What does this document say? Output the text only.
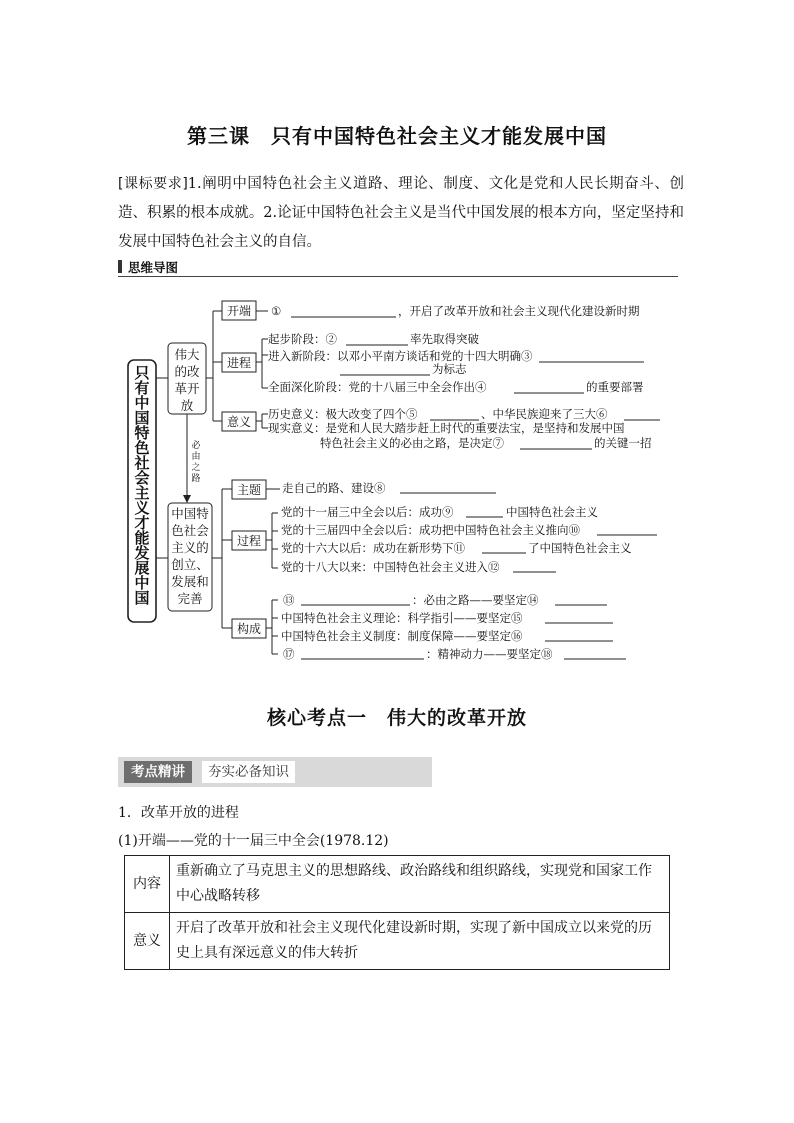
第三课　只有中国特色社会主义才能发展中国
[课标要求]1.阐明中国特色社会主义道路、理论、制度、文化是党和人民长期奋斗、创造、积累的根本成就。2.论证中国特色社会主义是当代中国发展的根本方向，坚定坚持和发展中国特色社会主义的自信。
思维导图
只
有
中
国
特
色
社
会
主
义
才
能
发
展
中
国
伟大
的改
革开
放
中国特
色社会
主义的
创立、
发展和
完善
必
由
之
路
开端
进程
意义
主题
过程
构成
①	，开启了改革开放和社会主义现代化建设新时期
起步阶段：②	率先取得突破
进入新阶段：以邓小平南方谈话和党的十四大明确③
为标志
全面深化阶段：党的十八届三中全会作出④	的重要部署
历史意义：极大改变了四个⑤	、中华民族迎来了三大⑥
现实意义：是党和人民大踏步赶上时代的重要法宝，是坚持和发展中国
特色社会主义的必由之路，是决定⑦	的关键一招
走自己的路、建设⑧
党的十一届三中全会以后：成功⑨	中国特色社会主义
党的十三届四中全会以后：成功把中国特色社会主义推向⑩
党的十六大以后：成功在新形势下⑪	了中国特色社会主义
党的十八大以来：中国特色社会主义进入⑫
⑬	：必由之路——要坚定⑭
中国特色社会主义理论：科学指引——要坚定⑮
中国特色社会主义制度：制度保障——要坚定⑯
⑰	：精神动力——要坚定⑱
核心考点一　伟大的改革开放
考点精讲	夯实必备知识
1．改革开放的进程
(1)开端——党的十一届三中全会(1978.12)
内容	重新确立了马克思主义的思想路线、政治路线和组织路线，实现党和国家工作中心战略转移
意义	开启了改革开放和社会主义现代化建设新时期，实现了新中国成立以来党的历史上具有深远意义的伟大转折
